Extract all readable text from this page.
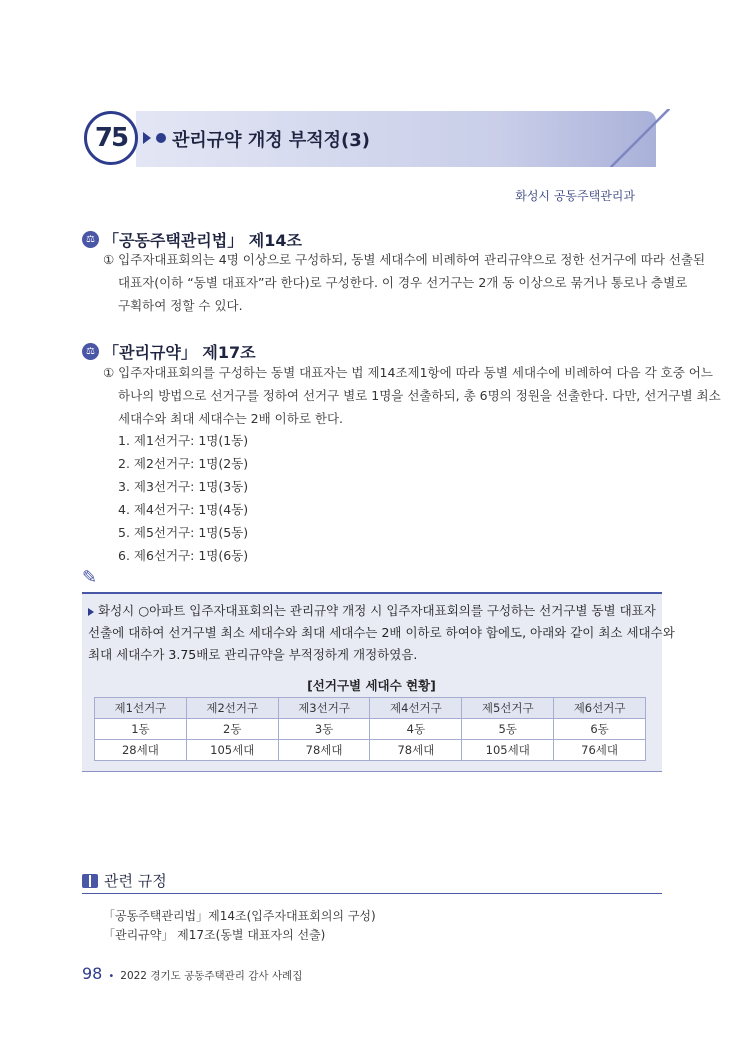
75	관리규약 개정 부적정(3)
화성시 공동주택관리과
⚖ 「공동주택관리법」 제14조
① 입주자대표회의는 4명 이상으로 구성하되, 동별 세대수에 비례하여 관리규약으로 정한 선거구에 따라 선출된
대표자(이하 “동별 대표자”라 한다)로 구성한다. 이 경우 선거구는 2개 동 이상으로 묶거나 통로나 층별로
구획하여 정할 수 있다.
⚖ 「관리규약」 제17조
① 입주자대표회의를 구성하는 동별 대표자는 법 제14조제1항에 따라 동별 세대수에 비례하여 다음 각 호중 어느
하나의 방법으로 선거구를 정하여 선거구 별로 1명을 선출하되, 총 6명의 정원을 선출한다. 다만, 선거구별 최소
세대수와 최대 세대수는 2배 이하로 한다.
1. 제1선거구: 1명(1동)
2. 제2선거구: 1명(2동)
3. 제3선거구: 1명(3동)
4. 제4선거구: 1명(4동)
5. 제5선거구: 1명(5동)
6. 제6선거구: 1명(6동)
✎
화성시 ○아파트 입주자대표회의는 관리규약 개정 시 입주자대표회의를 구성하는 선거구별 동별 대표자
선출에 대하여 선거구별 최소 세대수와 최대 세대수는 2배 이하로 하여야 함에도, 아래와 같이 최소 세대수와
최대 세대수가 3.75배로 관리규약을 부적정하게 개정하였음.
[선거구별 세대수 현황]
제1선거구	제2선거구	제3선거구	제4선거구	제5선거구	제6선거구
1동	2동	3동	4동	5동	6동
28세대	105세대	78세대	78세대	105세대	76세대
관련 규정
「공동주택관리법」제14조(입주자대표회의의 구성)
「관리규약」 제17조(동별 대표자의 선출)
98 • 2022 경기도 공동주택관리 감사 사례집
